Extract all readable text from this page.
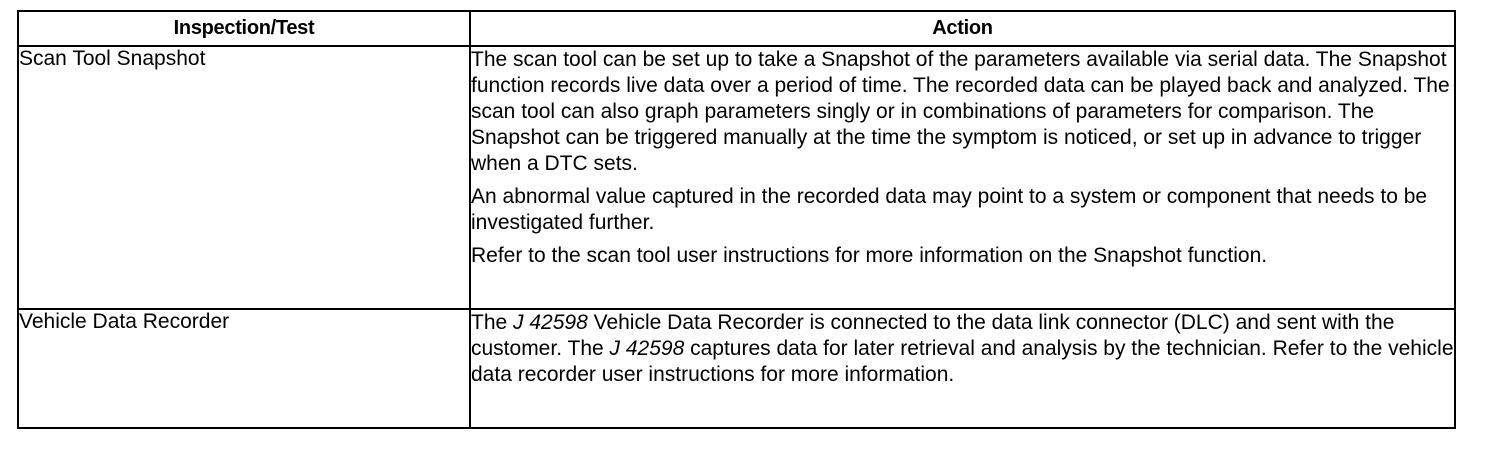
Inspection/Test	Action
Scan Tool Snapshot	The scan tool can be set up to take a Snapshot of the parameters available via serial data. The Snapshot function records live data over a period of time. The recorded data can be played back and analyzed. The scan tool can also graph parameters singly or in combinations of parameters for comparison. The Snapshot can be triggered manually at the time the symptom is noticed, or set up in advance to trigger when a DTC sets.

An abnormal value captured in the recorded data may point to a system or component that needs to be investigated further.

Refer to the scan tool user instructions for more information on the Snapshot function.

Vehicle Data Recorder	The J 42598 Vehicle Data Recorder is connected to the data link connector (DLC) and sent with the customer. The J 42598 captures data for later retrieval and analysis by the technician. Refer to the vehicle data recorder user instructions for more information.
